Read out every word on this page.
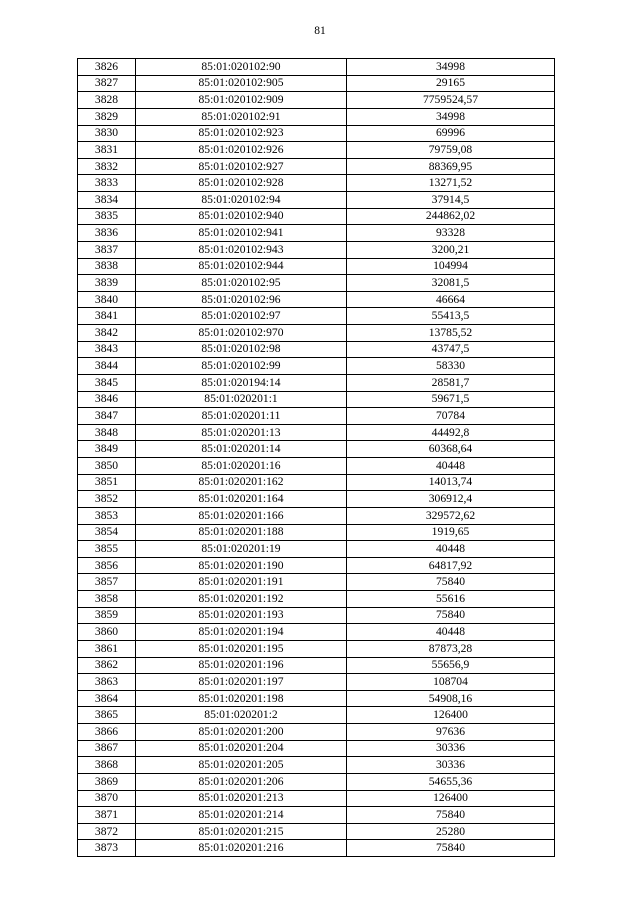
81
3826	85:01:020102:90	34998
3827	85:01:020102:905	29165
3828	85:01:020102:909	7759524,57
3829	85:01:020102:91	34998
3830	85:01:020102:923	69996
3831	85:01:020102:926	79759,08
3832	85:01:020102:927	88369,95
3833	85:01:020102:928	13271,52
3834	85:01:020102:94	37914,5
3835	85:01:020102:940	244862,02
3836	85:01:020102:941	93328
3837	85:01:020102:943	3200,21
3838	85:01:020102:944	104994
3839	85:01:020102:95	32081,5
3840	85:01:020102:96	46664
3841	85:01:020102:97	55413,5
3842	85:01:020102:970	13785,52
3843	85:01:020102:98	43747,5
3844	85:01:020102:99	58330
3845	85:01:020194:14	28581,7
3846	85:01:020201:1	59671,5
3847	85:01:020201:11	70784
3848	85:01:020201:13	44492,8
3849	85:01:020201:14	60368,64
3850	85:01:020201:16	40448
3851	85:01:020201:162	14013,74
3852	85:01:020201:164	306912,4
3853	85:01:020201:166	329572,62
3854	85:01:020201:188	1919,65
3855	85:01:020201:19	40448
3856	85:01:020201:190	64817,92
3857	85:01:020201:191	75840
3858	85:01:020201:192	55616
3859	85:01:020201:193	75840
3860	85:01:020201:194	40448
3861	85:01:020201:195	87873,28
3862	85:01:020201:196	55656,9
3863	85:01:020201:197	108704
3864	85:01:020201:198	54908,16
3865	85:01:020201:2	126400
3866	85:01:020201:200	97636
3867	85:01:020201:204	30336
3868	85:01:020201:205	30336
3869	85:01:020201:206	54655,36
3870	85:01:020201:213	126400
3871	85:01:020201:214	75840
3872	85:01:020201:215	25280
3873	85:01:020201:216	75840
